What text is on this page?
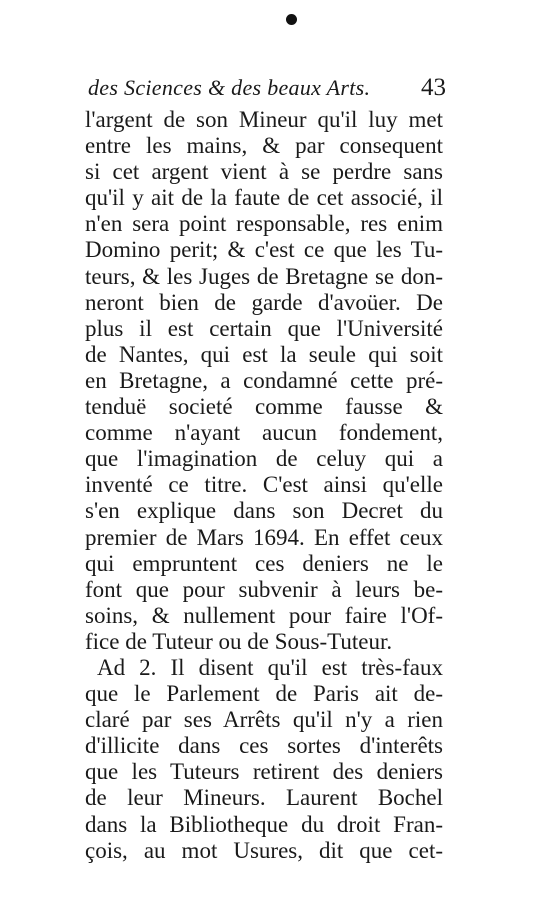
des Sciences & des beaux Arts. 43
l'argent de son Mineur qu'il luy met
entre les mains, & par consequent
si cet argent vient à se perdre sans
qu'il y ait de la faute de cet associé, il
n'en sera point responsable, res enim
Domino perit; & c'est ce que les Tu-
teurs, & les Juges de Bretagne se don-
neront bien de garde d'avoüer. De
plus il est certain que l'Université
de Nantes, qui est la seule qui soit
en Bretagne, a condamné cette pré-
tenduë societé comme fausse &
comme n'ayant aucun fondement,
que l'imagination de celuy qui a
inventé ce titre. C'est ainsi qu'elle
s'en explique dans son Decret du
premier de Mars 1694. En effet ceux
qui empruntent ces deniers ne le
font que pour subvenir à leurs be-
soins, & nullement pour faire l'Of-
fice de Tuteur ou de Sous-Tuteur.
Ad 2. Il disent qu'il est très-faux
que le Parlement de Paris ait de-
claré par ses Arrêts qu'il n'y a rien
d'illicite dans ces sortes d'interêts
que les Tuteurs retirent des deniers
de leur Mineurs. Laurent Bochel
dans la Bibliotheque du droit Fran-
çois, au mot Usures, dit que cet-
